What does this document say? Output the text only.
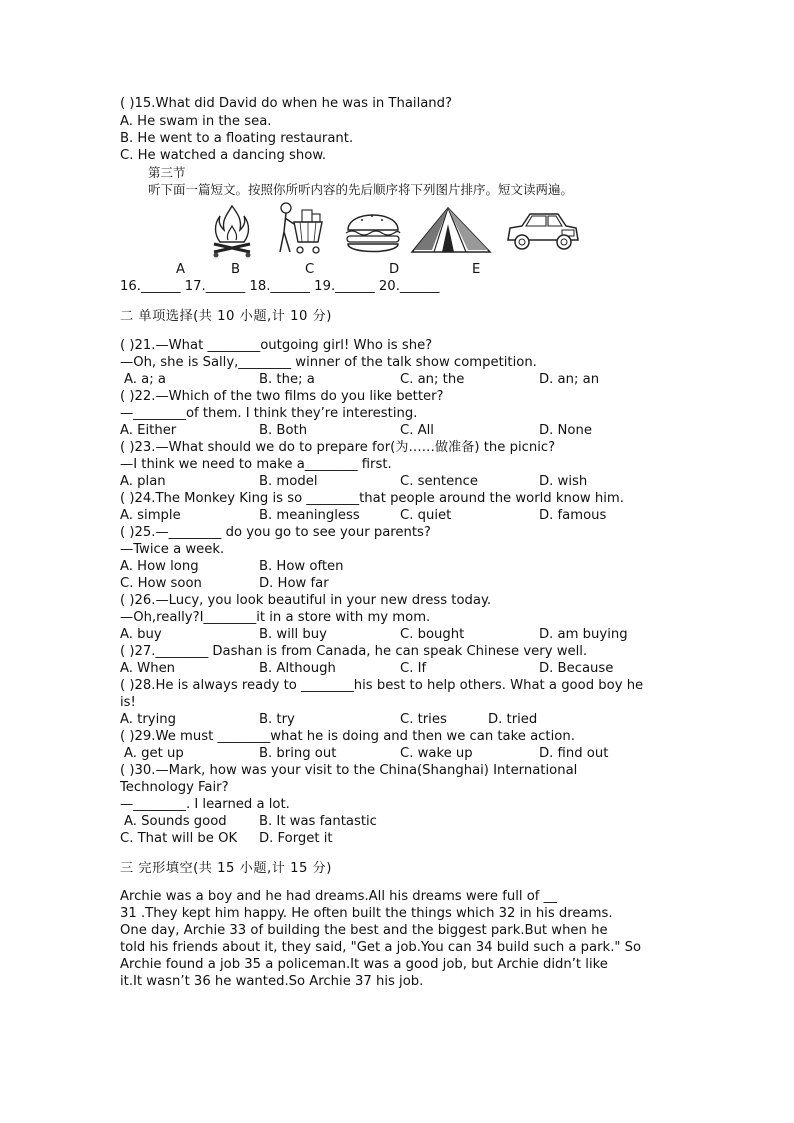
( )15.What did David do when he was in Thailand?
A. He swam in the sea.
B. He went to a floating restaurant.
C. He watched a dancing show.
第三节
听下面一篇短文。按照你所听内容的先后顺序将下列图片排序。短文读两遍。
A	B	C	D	E
16.______ 17.______ 18.______ 19.______ 20.______
二 单项选择(共 10 小题,计 10 分)
( )21.—What ________outgoing girl! Who is she?
—Oh, she is Sally,________ winner of the talk show competition.
A. a; a	B. the; a	C. an; the	D. an; an
( )22.—Which of the two films do you like better?
—________of them. I think they’re interesting.
A. Either	B. Both	C. All	D. None
( )23.—What should we do to prepare for(为……做准备) the picnic?
—I think we need to make a________ first.
A. plan	B. model	C. sentence	D. wish
( )24.The Monkey King is so ________that people around the world know him.
A. simple	B. meaningless	C. quiet	D. famous
( )25.—________ do you go to see your parents?
—Twice a week.
A. How long	B. How often
C. How soon	D. How far
( )26.—Lucy, you look beautiful in your new dress today.
—Oh,really?I________it in a store with my mom.
A. buy	B. will buy	C. bought	D. am buying
( )27.________ Dashan is from Canada, he can speak Chinese very well.
A. When	B. Although	C. If	D. Because
( )28.He is always ready to ________his best to help others. What a good boy he
is!
A. trying	B. try	C. tries	D. tried
( )29.We must ________what he is doing and then we can take action.
A. get up	B. bring out	C. wake up	D. find out
( )30.—Mark, how was your visit to the China(Shanghai) International
Technology Fair?
—________. I learned a lot.
A. Sounds good B. It was fantastic
C. That will be OK D. Forget it
三 完形填空(共 15 小题,计 15 分)
Archie was a boy and he had dreams.All his dreams were full of __
31 .They kept him happy. He often built the things which 32 in his dreams.
One day, Archie 33 of building the best and the biggest park.But when he
told his friends about it, they said, "Get a job.You can 34 build such a park." So
Archie found a job 35 a policeman.It was a good job, but Archie didn’t like
it.It wasn’t 36 he wanted.So Archie 37 his job.
